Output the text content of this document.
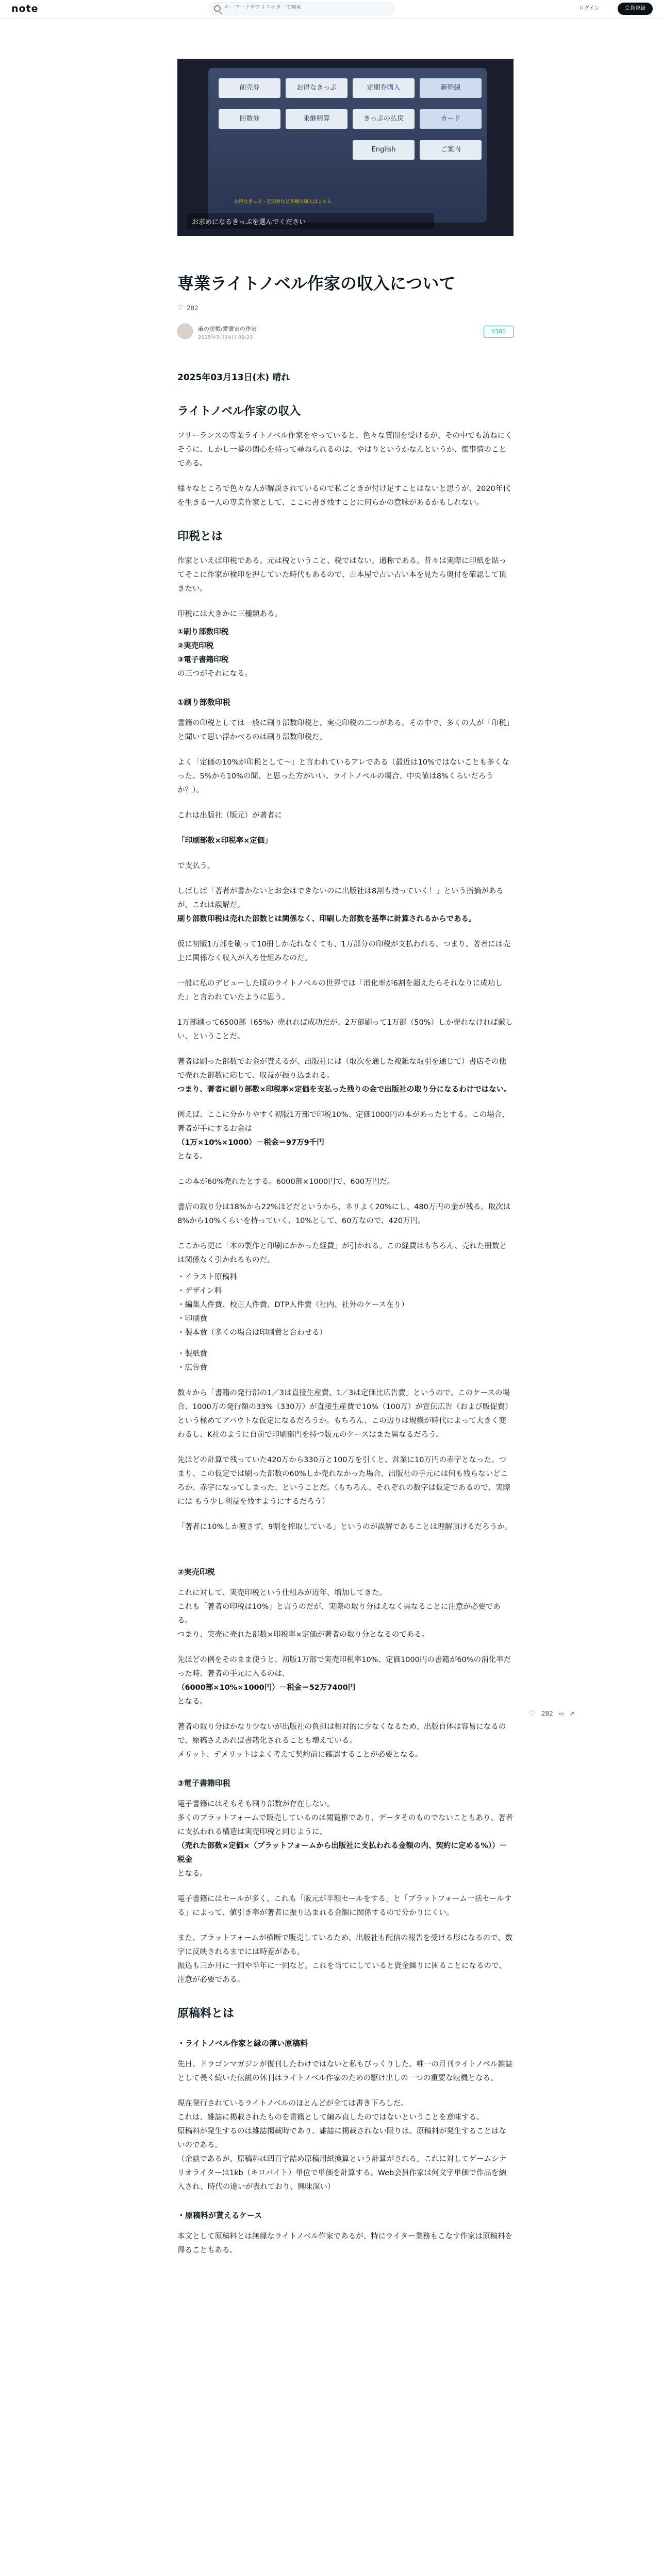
note
キーワードやクリエイターで検索	ログイン	会員登録
前売券	お得なきっぷ	定期券購入	新幹線
回数券	乗継精算	きっぷの払戻	カード
English	ご案内
お得なきっぷ・定期券など各種の購入はこちら
お求めになるきっぷを選んでください
専業ライトノベル作家の収入について
♡ 282
麻の葉帳/愛書家の作家
2025年3月14日 09:23
¥300
2025年03月13日(木) 晴れ
ライトノベル作家の収入

フリーランスの専業ライトノベル作家をやっていると、色々な質問を受けるが、その中でも訪ねにくそうに、しかし一番の関心を持って尋ねられるのは、やはりというかなんというか、懐事情のことである。

様々なところで色々な人が解説されているので私ごときが付け足すことはないと思うが、2020年代を生きる一人の専業作家として、ここに書き残すことに何らかの意味があるかもしれない。

印税とは

作家といえば印税である。元は税ということ、税ではない。通称である。昔々は実際に印紙を貼ってそこに作家が検印を押していた時代もあるので、古本屋で古い古い本を見たら奥付を確認して頂きたい。

印税には大きかに三種類ある。

①刷り部数印税
②実売印税
③電子書籍印税

の三つがそれになる。

①刷り部数印税

書籍の印税としては一般に刷り部数印税と、実売印税の二つがある。その中で、多くの人が「印税」と聞いて思い浮かべるのは刷り部数印税だ。

よく「定価の10%が印税として〜」と言われているアレである（最近は10%ではないことも多くなった。5%から10%の間、と思った方がいい。ライトノベルの場合、中央値は8%くらいだろうか？）。

これは出版社（版元）が著者に

「印刷部数×印税率×定価」

で支払う。

しばしば「著者が書かないとお金はできないのに出版社は8割も持っていく！」という指摘があるが、これは誤解だ。

刷り部数印税は売れた部数とは関係なく、印刷した部数を基準に計算されるからである。

仮に初版1万部を刷って10冊しか売れなくても、1万部分の印税が支払われる。つまり、著者には売上に関係なく収入が入る仕組みなのだ。

一般に私のデビューした頃のライトノベルの世界では「消化率が6割を超えたらそれなりに成功した」と言われていたように思う。

1万部刷って6500部（65%）売れれば成功だが、2万部刷って1万部（50%）しか売れなければ厳しい、ということだ。

著者は刷った部数でお金が貰えるが、出版社には（取次を通した複雑な取引を通じて）書店その他で売れた部数に応じて、収益が振り込まれる。

つまり、著者に刷り部数×印税率×定価を支払った残りの金で出版社の取り分になるわけではない。

例えば、ここに分かりやすく初版1万部で印税10%、定価1000円の本があったとする。この場合、著者が手にするお金は

（1万×10%×1000）－税金＝97万9千円

となる。

この本が60%売れたとする。6000部×1000円で、600万円だ。

書店の取り分は18%から22%ほどだというから、ネリよく20%にし、480万円の金が残る。取次は8%から10%くらいを持っていく、10%として、60万なので、420万円。

ここから更に「本の製作と印刷にかかった経費」が引かれる。この経費はもちろん、売れた冊数とは関係なく引かれるものだ。

・イラスト原稿料
・デザイン料
・編集人件費、校正人件費、DTP人件費（社内、社外のケース在り）
・印刷費
・製本費（多くの場合は印刷費と合わせる）
・製紙費
・広告費

数々から「書籍の発行部の1／3は直接生産費、1／3は定価比広告費」というので、このケースの場合、1000万の発行額の33%（330万）が直接生産費で10%（100万）が宣伝広告（および販促費）という極めてアバウトな仮定になるだろうか。もちろん、この辺りは規模が時代によって大きく変わるし、K社のように自前で印刷部門を持つ版元のケースはまた異なるだろう。

先ほどの計算で残っていた420万から330万と100万を引くと、営業に10万円の赤字となった。つまり、この仮定では刷った部数の60%しか売れなかった場合、出版社の手元には何も残らないどころか、赤字になってしまった、ということだ。（もちろん、それぞれの数字は仮定であるので、実際には もう少し利益を残すようにするだろう）

「著者に10%しか渡さず、9割を搾取している」というのが誤解であることは理解頂けるだろうか。

②実売印税

これに対して、実売印税という仕組みが近年、増加してきた。

これも「著者の印税は10%」と言うのだが、実際の取り分はえなく異なることに注意が必要である。

つまり、実売に売れた部数×印税率×定価が著者の取り分となるのである。

先ほどの例をそのまま使うと、初版1万部で実売印税率10%、定価1000円の書籍が60%の消化率だった時、著者の手元に入るのは、

（6000部×10%×1000円）－税金＝52万7400円

となる。

著者の取り分はかなり少ないが出版社の負担は相対的に少なくなるため、出版自体は容易になるので、原稿さえあれば書籍化されることも増えている。

メリット、デメリットはよく考えて契約前に確認することが必要となる。

③電子書籍印税

電子書籍にはそもそも刷り部数が存在しない。

多くのプラットフォームで販売しているのは閲覧権であり、データそのものでないこともあり、著者に支払われる構造は実売印税と同じように、

（売れた部数×定価×（プラットフォームから出版社に支払われる金額の内、契約に定める%））－税金

となる。

電子書籍にはセールが多く、これも「版元が半額セールをする」と「プラットフォーム一括セールする」によって、値引き率が著者に振り込まれる金額に関係するので分かりにくい。

また、プラットフォームが横断で販売しているため、出版社も配信の報告を受ける形になるので、数字に反映されるまでには時差がある。

振込も三か月に一回や半年に一回など。これを当てにしていると資金繰りに困ることになるので、注意が必要である。

原稿料とは
・ライトノベル作家と縁の薄い原稿料

先日、ドラゴンマガジンが復刊したわけではないと私もびっくりした。唯一の月刊ライトノベル雑誌として長く続いた伝説の休刊はライトノベル作家のための駆け出しの一つの重要な転機となる。

現在発行されているライトノベルのほとんどが全ては書き下ろしだ。

これは、雑誌に掲載されたものを書籍として編み直したのではないということを意味する。

原稿料が発生するのは雑誌掲載時であり、雑誌に掲載されない限りは、原稿料が発生することはないのである。

（余談であるが、原稿料は四百字詰め原稿用紙換算という計算がされる。これに対してゲームシナリオライターは1kb（キロバイト）単位で単価を計算する。Web会員作家は何文字単価で作品を納入され、時代の違いが表れており、興味深い）

・原稿料が貰えるケース

本文として原稿料とは無縁なライトノベル作家であるが、特にライター業務もこなす作家は原稿料を得ることもある。

♡ 282 ▭ ↗
